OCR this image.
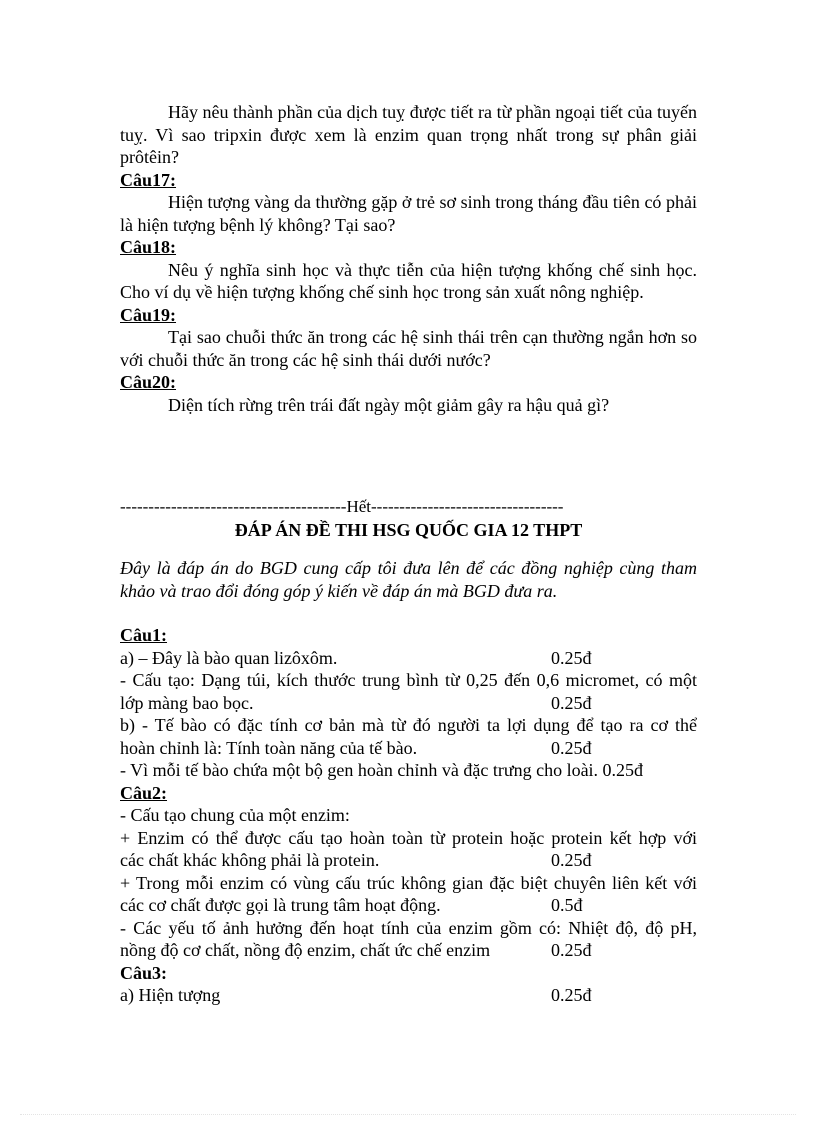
Hãy nêu thành phần của dịch tuỵ được tiết ra từ phần ngoại tiết của tuyến tuỵ. Vì sao tripxin được xem là enzim quan trọng nhất trong sự phân giải prôtêin?

Câu17:

Hiện tượng vàng da thường gặp ở trẻ sơ sinh trong tháng đầu tiên có phải là hiện tượng bệnh lý không? Tại sao?

Câu18:

Nêu ý nghĩa sinh học và thực tiễn của hiện tượng khống chế sinh học. Cho ví dụ về hiện tượng khống chế sinh học trong sản xuất nông nghiệp.

Câu19:

Tại sao chuỗi thức ăn trong các hệ sinh thái trên cạn thường ngắn hơn so với chuỗi thức ăn trong các hệ sinh thái dưới nước?

Câu20:

Diện tích rừng trên trái đất ngày một giảm gây ra hậu quả gì?

----------------------------------------Hết----------------------------------

ĐÁP ÁN ĐỀ THI HSG QUỐC GIA 12 THPT

Đây là đáp án do BGD cung cấp tôi đưa lên để các đồng nghiệp cùng tham khảo và trao đổi đóng góp ý kiến về đáp án mà BGD đưa ra.

Câu1:

a) – Đây là bào quan lizôxôm.	0.25đ

- Cấu tạo: Dạng túi, kích thước trung bình từ 0,25 đến 0,6 micromet, có một

lớp màng bao bọc.	0.25đ

b) - Tế bào có đặc tính cơ bản mà từ đó người ta lợi dụng để tạo ra cơ thể

hoàn chỉnh là: Tính toàn năng của tế bào.	0.25đ

- Vì mỗi tế bào chứa một bộ gen hoàn chỉnh và đặc trưng cho loài. 0.25đ

Câu2:

- Cấu tạo chung của một enzim:

+ Enzim có thể được cấu tạo hoàn toàn từ protein hoặc protein kết hợp với

các chất khác không phải là protein.	0.25đ

+ Trong mỗi enzim có vùng cấu trúc không gian đặc biệt chuyên liên kết với

các cơ chất được gọi là trung tâm hoạt động.	0.5đ

- Các yếu tố ảnh hưởng đến hoạt tính của enzim gồm có: Nhiệt độ, độ pH,

nồng độ cơ chất, nồng độ enzim, chất ức chế enzim	0.25đ

Câu3:

a) Hiện tượng	0.25đ
